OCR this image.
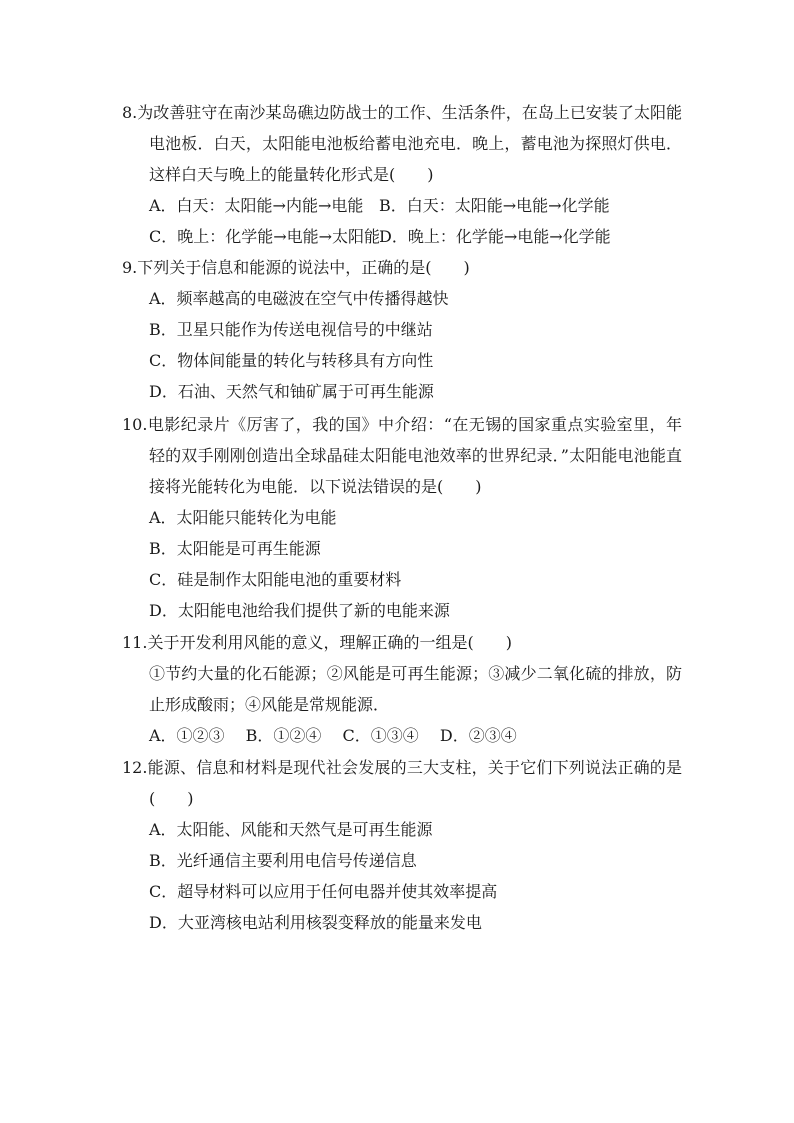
8.为改善驻守在南沙某岛礁边防战士的工作、生活条件，在岛上已安装了太阳能电池板．白天，太阳能电池板给蓄电池充电．晚上，蓄电池为探照灯供电．这样白天与晚上的能量转化形式是(　　)
A．白天：太阳能→内能→电能 B．白天：太阳能→电能→化学能
C．晚上：化学能→电能→太阳能D．晚上：化学能→电能→化学能
9.下列关于信息和能源的说法中，正确的是(　　)
A．频率越高的电磁波在空气中传播得越快
B．卫星只能作为传送电视信号的中继站
C．物体间能量的转化与转移具有方向性
D．石油、天然气和铀矿属于可再生能源
10.电影纪录片《厉害了，我的国》中介绍：“在无锡的国家重点实验室里，年轻的双手刚刚创造出全球晶硅太阳能电池效率的世界纪录．”太阳能电池能直接将光能转化为电能．以下说法错误的是(　　)
A．太阳能只能转化为电能
B．太阳能是可再生能源
C．硅是制作太阳能电池的重要材料
D．太阳能电池给我们提供了新的电能来源
11.关于开发利用风能的意义，理解正确的一组是(　　)
①节约大量的化石能源；②风能是可再生能源；③减少二氧化硫的排放，防止形成酸雨；④风能是常规能源．
A．①②③ B．①②④ C．①③④ D．②③④
12.能源、信息和材料是现代社会发展的三大支柱，关于它们下列说法正确的是(　　)
A．太阳能、风能和天然气是可再生能源
B．光纤通信主要利用电信号传递信息
C．超导材料可以应用于任何电器并使其效率提高
D．大亚湾核电站利用核裂变释放的能量来发电
